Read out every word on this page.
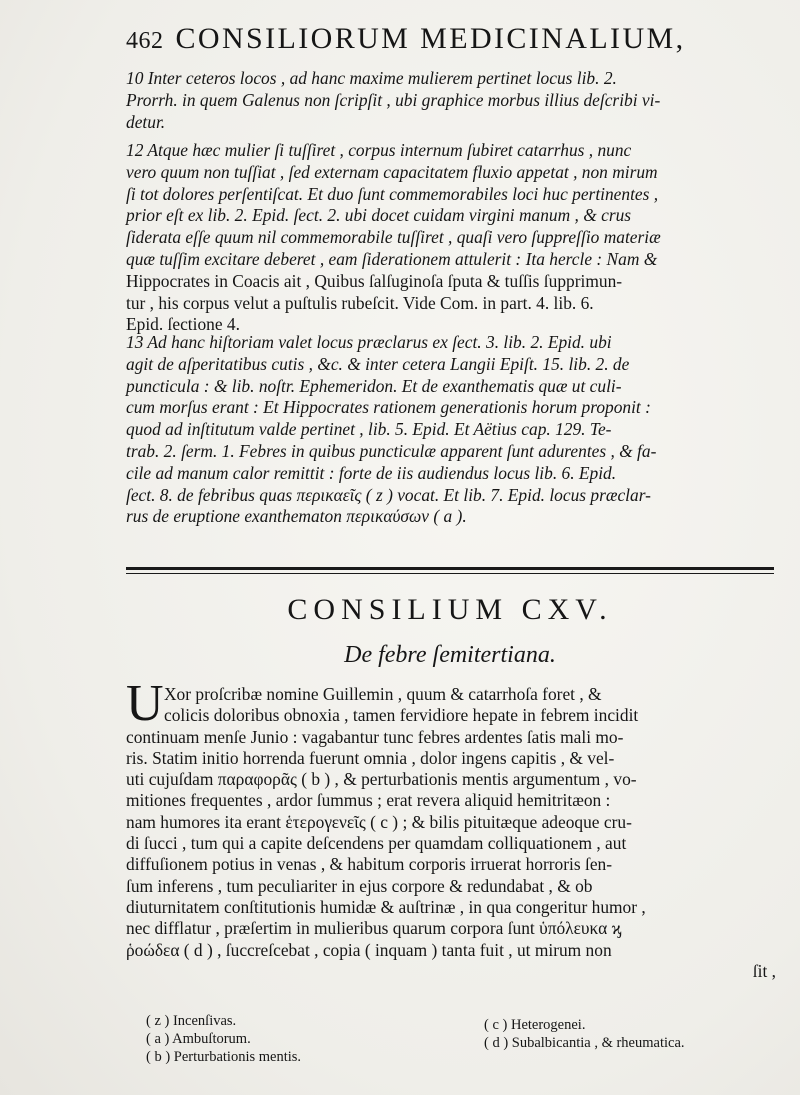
462 CONSILIORUM MEDICINALIUM,
10 Inter ceteros locos , ad hanc maxime mulierem pertinet locus lib. 2.
Prorrh. in quem Galenus non ſcripſit , ubi graphice morbus illius deſcribi vi-
detur.
12 Atque hæc mulier ſi tuſſiret , corpus internum ſubiret catarrhus , nunc
vero quum non tuſſiat , ſed externam capacitatem fluxio appetat , non mirum
ſi tot dolores perſentiſcat. Et duo ſunt commemorabiles loci huc pertinentes ,
prior eſt ex lib. 2. Epid. ſect. 2. ubi docet cuidam virgini manum , & crus
ſiderata eſſe quum nil commemorabile tuſſiret , quaſi vero ſuppreſſio materiæ
quæ tuſſim excitare deberet , eam ſiderationem attulerit : Ita hercle : Nam &
Hippocrates in Coacis ait , Quibus ſalſuginoſa ſputa & tuſſis ſupprimun-
tur , his corpus velut a puſtulis rubeſcit. Vide Com. in part. 4. lib. 6.
Epid. ſectione 4.
13 Ad hanc hiſtoriam valet locus præclarus ex ſect. 3. lib. 2. Epid. ubi
agit de aſperitatibus cutis , &c. & inter cetera Langii Epiſt. 15. lib. 2. de
puncticula : & lib. noſtr. Ephemeridon. Et de exanthematis quæ ut culi-
cum morſus erant : Et Hippocrates rationem generationis horum proponit :
quod ad inſtitutum valde pertinet , lib. 5. Epid. Et Aëtius cap. 129. Te-
trab. 2. ſerm. 1. Febres in quibus puncticulæ apparent ſunt adurentes , & fa-
cile ad manum calor remittit : forte de iis audiendus locus lib. 6. Epid.
ſect. 8. de febribus quas περικαεῖς ( z ) vocat. Et lib. 7. Epid. locus præclar-
rus de eruptione exanthematon περικαύσων ( a ).
CONSILIUM CXV.
De febre ſemitertiana.
U Xor proſcribæ nomine Guillemin , quum & catarrhoſa foret , &
colicis doloribus obnoxia , tamen fervidiore hepate in febrem incidit
continuam menſe Junio : vagabantur tunc febres ardentes ſatis mali mo-
ris. Statim initio horrenda fuerunt omnia , dolor ingens capitis , & vel-
uti cujuſdam παραφορᾶς ( b ) , & perturbationis mentis argumentum , vo-
mitiones frequentes , ardor ſummus ; erat revera aliquid hemitritæon :
nam humores ita erant ἑτερογενεῖς ( c ) ; & bilis pituitæque adeoque cru-
di ſucci , tum qui a capite deſcendens per quamdam colliquationem , aut
diffuſionem potius in venas , & habitum corporis irruerat horroris ſen-
ſum inferens , tum peculiariter in ejus corpore & redundabat , & ob
diuturnitatem conſtitutionis humidæ & auſtrinæ , in qua congeritur humor ,
nec difflatur , præſertim in mulieribus quarum corpora ſunt ὑπόλευκα ϗ
ῥοώδεα ( d ) , ſuccreſcebat , copia ( inquam ) tanta fuit , ut mirum non
ſit ,
( z ) Incenſivas.
( a ) Ambuſtorum.
( b ) Perturbationis mentis.
( c ) Heterogenei.
( d ) Subalbicantia , & rheumatica.
